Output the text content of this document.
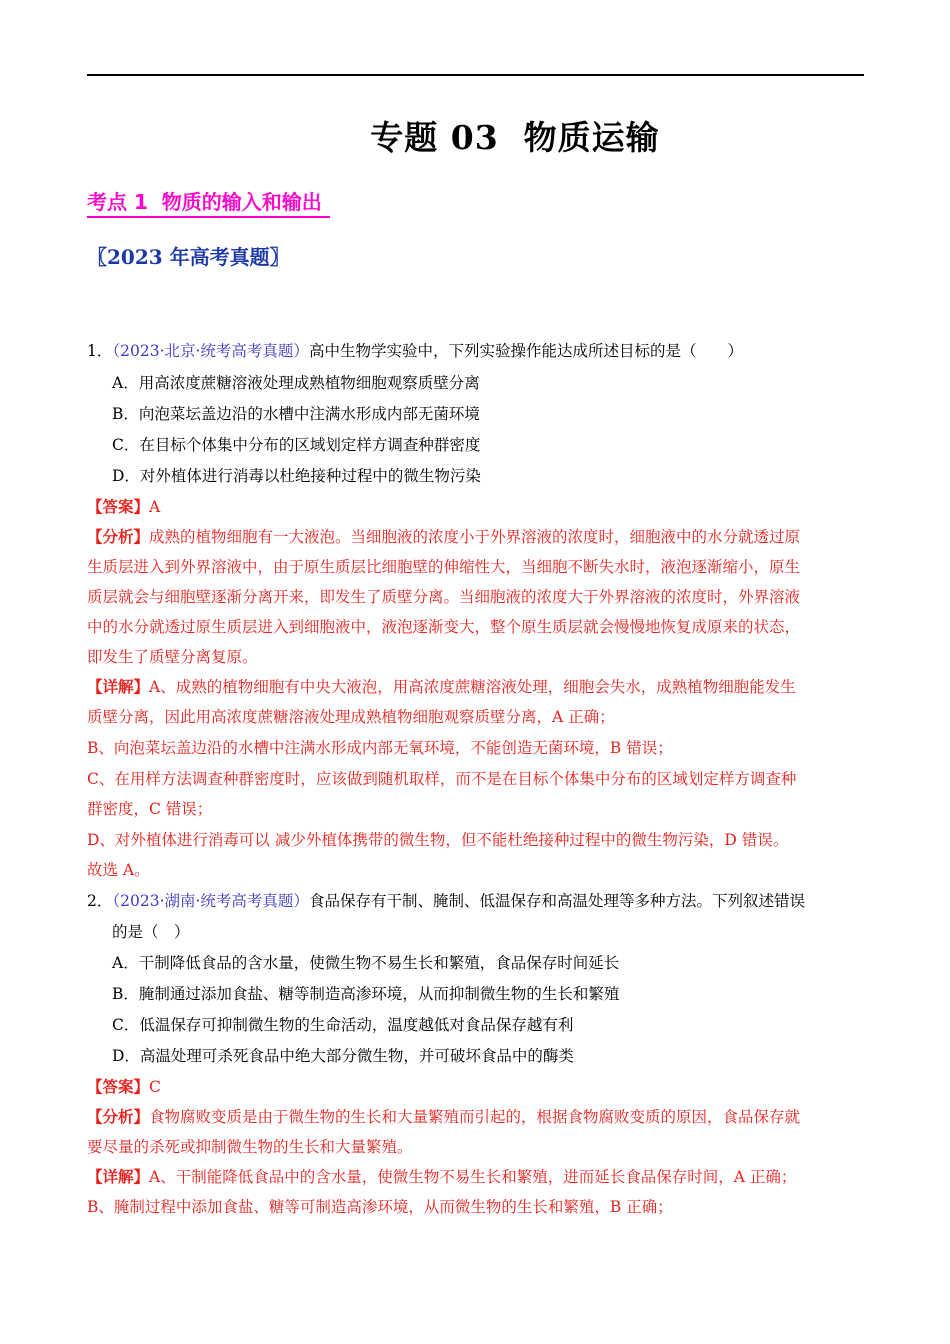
专题 03  物质运输
考点 1  物质的输入和输出
〖2023 年高考真题〗
1．（2023·北京·统考高考真题）高中生物学实验中，下列实验操作能达成所述目标的是（　　）
A．用高浓度蔗糖溶液处理成熟植物细胞观察质壁分离
B．向泡菜坛盖边沿的水槽中注满水形成内部无菌环境
C．在目标个体集中分布的区域划定样方调查种群密度
D．对外植体进行消毒以杜绝接种过程中的微生物污染
【答案】A
【分析】成熟的植物细胞有一大液泡。当细胞液的浓度小于外界溶液的浓度时，细胞液中的水分就透过原
生质层进入到外界溶液中，由于原生质层比细胞壁的伸缩性大，当细胞不断失水时，液泡逐渐缩小，原生
质层就会与细胞壁逐渐分离开来，即发生了质壁分离。当细胞液的浓度大于外界溶液的浓度时，外界溶液
中的水分就透过原生质层进入到细胞液中，液泡逐渐变大，整个原生质层就会慢慢地恢复成原来的状态，
即发生了质壁分离复原。
【详解】A、成熟的植物细胞有中央大液泡，用高浓度蔗糖溶液处理，细胞会失水，成熟植物细胞能发生
质壁分离，因此用高浓度蔗糖溶液处理成熟植物细胞观察质壁分离，A 正确；
B、向泡菜坛盖边沿的水槽中注满水形成内部无氧环境，不能创造无菌环境，B 错误；
C、在用样方法调查种群密度时，应该做到随机取样，而不是在目标个体集中分布的区域划定样方调查种
群密度，C 错误；
D、对外植体进行消毒可以 减少外植体携带的微生物，但不能杜绝接种过程中的微生物污染，D 错误。
故选 A。
2．（2023·湖南·统考高考真题）食品保存有干制、腌制、低温保存和高温处理等多种方法。下列叙述错误
的是（　）
A．干制降低食品的含水量，使微生物不易生长和繁殖，食品保存时间延长
B．腌制通过添加食盐、糖等制造高渗环境，从而抑制微生物的生长和繁殖
C．低温保存可抑制微生物的生命活动，温度越低对食品保存越有利
D．高温处理可杀死食品中绝大部分微生物，并可破坏食品中的酶类
【答案】C
【分析】食物腐败变质是由于微生物的生长和大量繁殖而引起的，根据食物腐败变质的原因，食品保存就
要尽量的杀死或抑制微生物的生长和大量繁殖。
【详解】A、干制能降低食品中的含水量，使微生物不易生长和繁殖，进而延长食品保存时间，A 正确；
B、腌制过程中添加食盐、糖等可制造高渗环境，从而微生物的生长和繁殖，B 正确；
